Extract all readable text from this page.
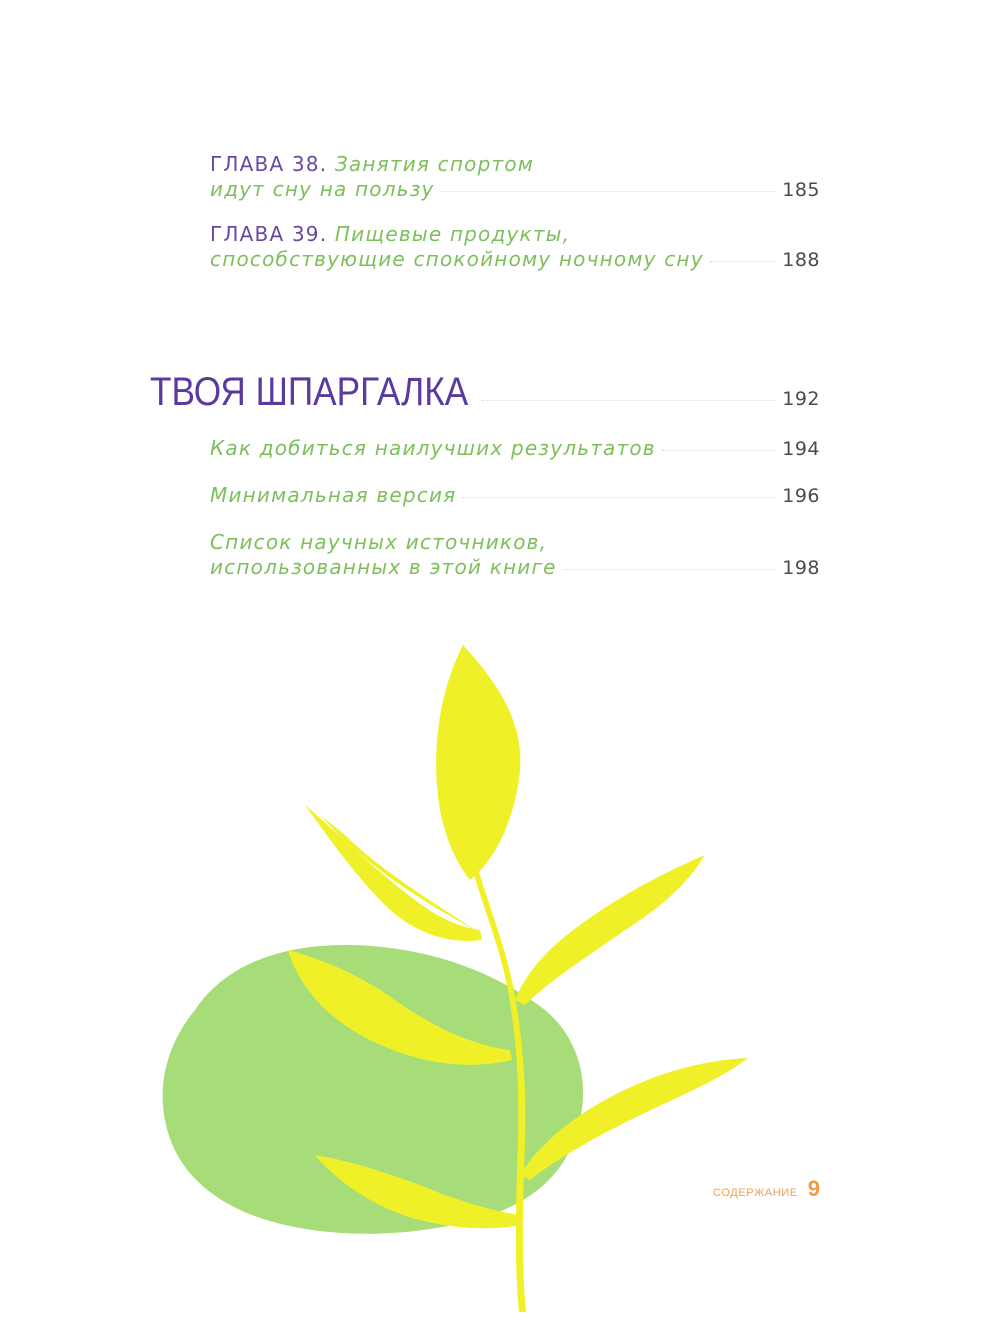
ГЛАВА 38. Занятия спортом
идут сну на пользу	185
ГЛАВА 39. Пищевые продукты,
способствующие спокойному ночному сну	188
ТВОЯ ШПАРГАЛКА	192
Как добиться наилучших результатов	194
Минимальная версия	196
Список научных источников,
использованных в этой книге	198
СОДЕРЖАНИЕ 9
